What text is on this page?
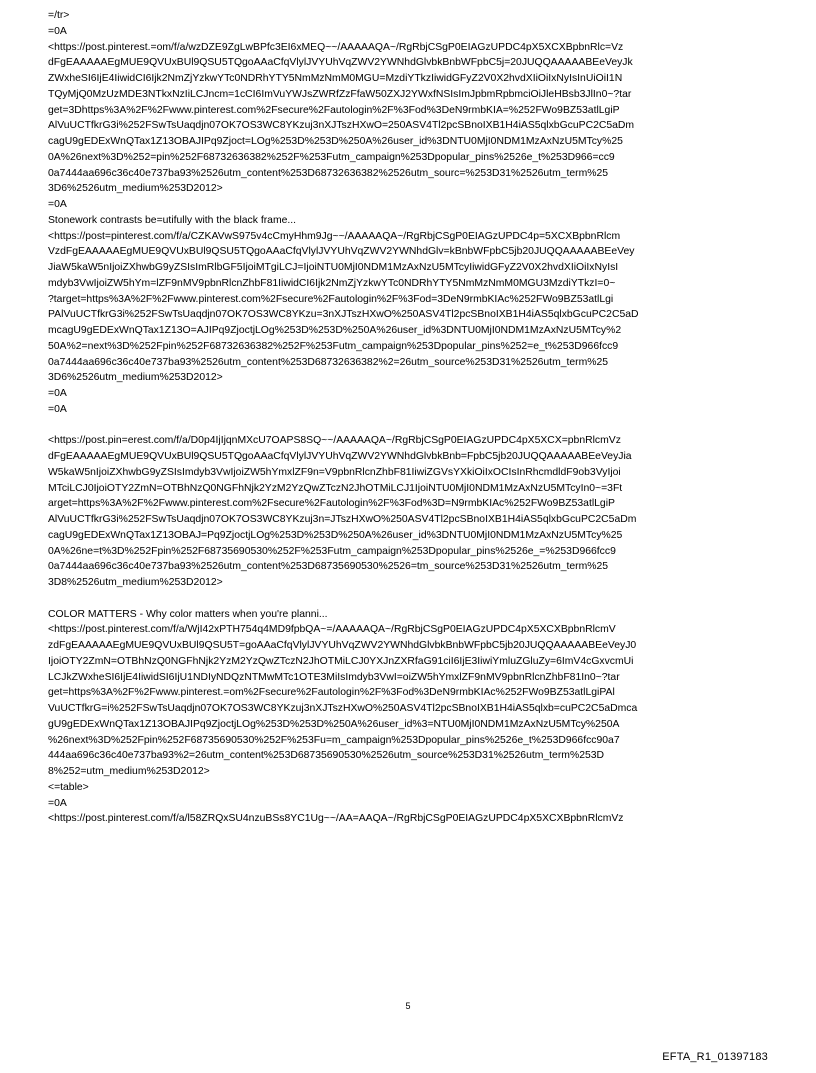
=/tr>
=0A
<https://post.pinterest.=om/f/a/wzDZE9ZgLwBPfc3EI6xMEQ~~/AAAAAQA~/RgRbjCSgP0EIAGzUPDC4pX5XCXBpbnRlc=Vz
dFgEAAAAAEgMUE9QVUxBUl9QSU5TQgoAAaCfqVlylJVYUhVqZWV2YWNhdGlvbkBnbWFpbC5j=20JUQQAAAAABEeVeyJk
ZWxheSI6IjE4IiwidCI6Ijk2NmZjYzkwYTc0NDRhYTY5NmMzNmM0MGU=MzdiYTkzIiwidGFyZ2V0X2hvdXIiOiIxNyIsInUiOiI1N
TQyMjQ0MzUzMDE3NTkxNzIiLCJncm=1cCI6ImVuYWJsZWRfZzFfaW50ZXJ2YWxfNSIsImJpbmRpbmciOiJleHBsb3JlIn0~?tar
get=3Dhttps%3A%2F%2Fwww.pinterest.com%2Fsecure%2Fautologin%2F%3Fod%3DeN9rmbKIA=%252FWo9BZ53atlLgiP
AlVuUCTfkrG3i%252FSwTsUaqdjn07OK7OS3WC8YKzuj3nXJTszHXwO=250ASV4Tl2pcSBnoIXB1H4iAS5qlxbGcuPC2C5aDm
cagU9gEDExWnQTax1Z13OBAJIPq9Zjoct=LOg%253D%253D%250A%26user_id%3DNTU0MjI0NDM1MzAxNzU5MTcy%25
0A%26next%3D%252=pin%252F68732636382%252F%253Futm_campaign%253Dpopular_pins%2526e_t%253D966=cc9
0a7444aa696c36c40e737ba93%2526utm_content%253D68732636382%2526utm_sourc=%253D31%2526utm_term%25
3D6%2526utm_medium%253D2012>
=0A
Stonework contrasts be=utifully with the black frame...
<https://post=pinterest.com/f/a/CZKAVwS975v4cCmyHhm9Jg~~/AAAAAQA~/RgRbjCSgP0EIAGzUPDC4p=5XCXBpbnRlcm
VzdFgEAAAAAEgMUE9QVUxBUl9QSU5TQgoAAaCfqVlylJVYUhVqZWV2YWNhdGlv=kBnbWFpbC5jb20JUQQAAAAABEeVey
JiaW5kaW5nIjoiZXhwbG9yZSIsImRlbGF5IjoiMTgiLCJ=IjoiNTU0MjI0NDM1MzAxNzU5MTcyIiwidGFyZ2V0X2hvdXIiOiIxNyIsI
mdyb3VwIjoiZW5hYm=lZF9nMV9pbnRlcnZhbF81IiwidCI6Ijk2NmZjYzkwYTc0NDRhYTY5NmMzNmM0MGU3MzdiYTkzI=0~
?target=https%3A%2F%2Fwww.pinterest.com%2Fsecure%2Fautologin%2F%3Fod=3DeN9rmbKIAc%252FWo9BZ53atlLgi
PAlVuUCTfkrG3i%252FSwTsUaqdjn07OK7OS3WC8YKzu=3nXJTszHXwO%250ASV4Tl2pcSBnoIXB1H4iAS5qlxbGcuPC2C5aD
mcagU9gEDExWnQTax1Z13O=AJIPq9ZjoctjLOg%253D%253D%250A%26user_id%3DNTU0MjI0NDM1MzAxNzU5MTcy%2
50A%2=next%3D%252Fpin%252F68732636382%252F%253Futm_campaign%253Dpopular_pins%252=e_t%253D966fcc9
0a7444aa696c36c40e737ba93%2526utm_content%253D68732636382%2=26utm_source%253D31%2526utm_term%25
3D6%2526utm_medium%253D2012>
=0A
=0A
<https://post.pin=erest.com/f/a/D0p4IjIjqnMXcU7OAPS8SQ~~/AAAAAQA~/RgRbjCSgP0EIAGzUPDC4pX5XCX=pbnRlcmVz
dFgEAAAAAEgMUE9QVUxBUl9QSU5TQgoAAaCfqVlylJVYUhVqZWV2YWNhdGlvbkBnb=FpbC5jb20JUQQAAAAABEeVeyJia
W5kaW5nIjoiZXhwbG9yZSIsImdyb3VwIjoiZW5hYmxlZF9n=V9pbnRlcnZhbF81IiwiZGVsYXkiOiIxOCIsInRhcmdldF9ob3VyIjoi
MTciLCJ0IjoiOTY2ZmN=OTBhNzQ0NGFhNjk2YzM2YzQwZTczN2JhOTMiLCJ1IjoiNTU0MjI0NDM1MzAxNzU5MTcyIn0~=3Ft
arget=https%3A%2F%2Fwww.pinterest.com%2Fsecure%2Fautologin%2F%3Fod%3D=N9rmbKIAc%252FWo9BZ53atlLgiP
AlVuUCTfkrG3i%252FSwTsUaqdjn07OK7OS3WC8YKzuj3n=JTszHXwO%250ASV4Tl2pcSBnoIXB1H4iAS5qlxbGcuPC2C5aDm
cagU9gEDExWnQTax1Z13OBAJ=Pq9ZjoctjLOg%253D%253D%250A%26user_id%3DNTU0MjI0NDM1MzAxNzU5MTcy%25
0A%26ne=t%3D%252Fpin%252F68735690530%252F%253Futm_campaign%253Dpopular_pins%2526e_=%253D966fcc9
0a7444aa696c36c40e737ba93%2526utm_content%253D68735690530%2526=tm_source%253D31%2526utm_term%25
3D8%2526utm_medium%253D2012>
COLOR MATTERS - Why color matters when you're planni...
<https://post.pinterest.com/f/a/WjI42xPTH754q4MD9fpbQA~=/AAAAAQA~/RgRbjCSgP0EIAGzUPDC4pX5XCXBpbnRlcmV
zdFgEAAAAAEgMUE9QVUxBUl9QSU5T=goAAaCfqVlylJVYUhVqZWV2YWNhdGlvbkBnbWFpbC5jb20JUQQAAAAABEeVeyJ0
IjoiOTY2ZmN=OTBhNzQ0NGFhNjk2YzM2YzQwZTczN2JhOTMiLCJ0YXJnZXRfaG91ciI6IjE3IiwiYmluZGluZy=6ImV4cGxvcmUi
LCJkZWxheSI6IjE4IiwidSI6IjU1NDIyNDQzNTMwMTc1OTE3MiIsImdyb3VwI=oiZW5hYmxlZF9nMV9pbnRlcnZhbF81In0~?tar
get=https%3A%2F%2Fwww.pinterest.=om%2Fsecure%2Fautologin%2F%3Fod%3DeN9rmbKIAc%252FWo9BZ53atlLgiPAl
VuUCTfkrG=i%252FSwTsUaqdjn07OK7OS3WC8YKzuj3nXJTszHXwO%250ASV4Tl2pcSBnoIXB1H4iAS5qlxb=cuPC2C5aDmca
gU9gEDExWnQTax1Z13OBAJIPq9ZjoctjLOg%253D%253D%250A%26user_id%3=NTU0MjI0NDM1MzAxNzU5MTcy%250A
%26next%3D%252Fpin%252F68735690530%252F%253Fu=m_campaign%253Dpopular_pins%2526e_t%253D966fcc90a7
444aa696c36c40e737ba93%2=26utm_content%253D68735690530%2526utm_source%253D31%2526utm_term%253D
8%252=utm_medium%253D2012>
<=table>
=0A
<https://post.pinterest.com/f/a/l58ZRQxSU4nzuBSs8YC1Ug~~/AA=AAQA~/RgRbjCSgP0EIAGzUPDC4pX5XCXBpbnRlcmVz
5
EFTA_R1_01397183
